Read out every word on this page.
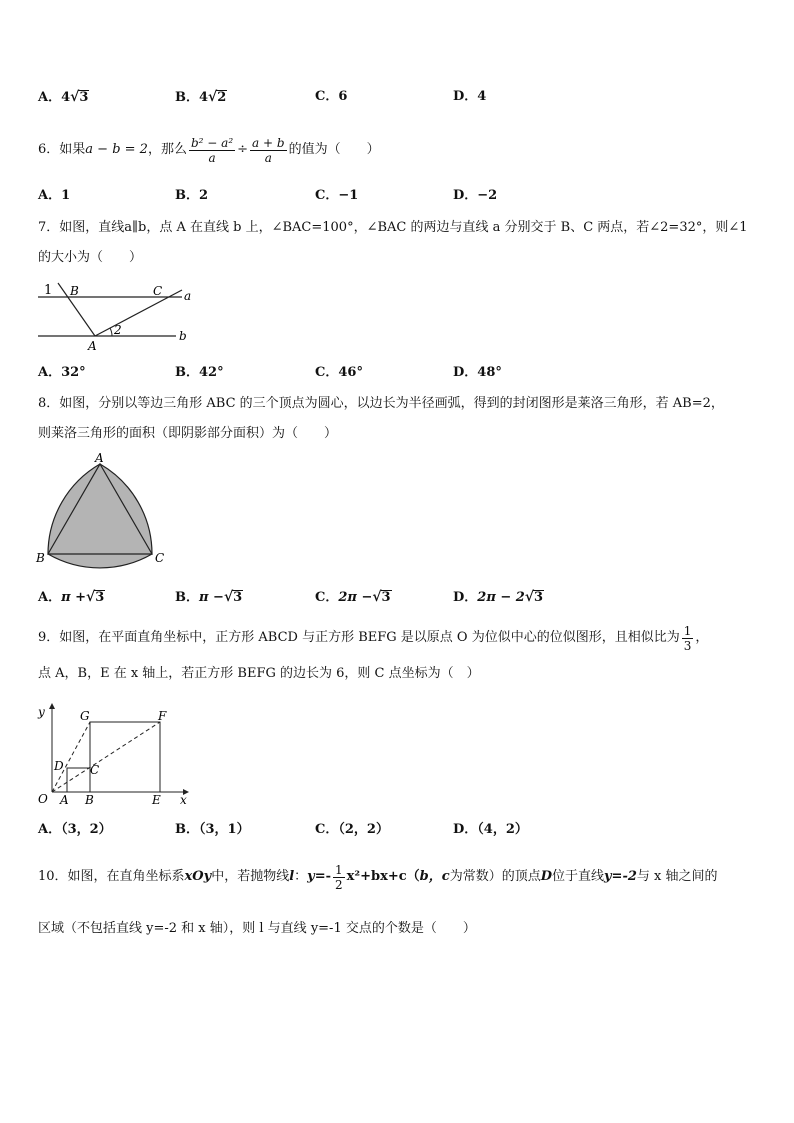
A．4√3	B．4√2	C．6	D．4
6． 如果 a − b = 2 ，那么 $\frac{\text{b² − a²}}{a} \div \frac{a + b}{a}$ 的值为（　　）
A．1	B．2	C．−1	D．−2
7．如图，直线a∥b，点 A 在直线 b 上，∠BAC=100°，∠BAC 的两边与直线 a 分别交于 B、C 两点，若∠2=32°，则∠1
的大小为（　　）
1 B	C a
2
A
b
A．32°	B．42°	C．46°	D．48°
8．如图，分别以等边三角形 ABC 的三个顶点为圆心，以边长为半径画弧，得到的封闭图形是莱洛三角形，若 AB=2，
则莱洛三角形的面积（即阴影部分面积）为（　　）
A
B	C
A．π +√3	B．π −√3	C．2π −√3	D．2π − 2√3
9．如图，在平面直角坐标中，正方形 ABCD 与正方形 BEFG 是以原点 O 为位似中心的位似图形，且相似比为 $\frac{1}{3}$ ，
点 A，B，E 在 x 轴上，若正方形 BEFG 的边长为 6，则 C 点坐标为（　）
y	G	F
D C
O A B	E x
A．（3，2）	B．（3，1）	C．（2，2）	D．（4，2）
10．如图，在直角坐标系 xOy 中，若抛物线 l ： $y =- \frac{1}{2} x^2+bx+c$（ b，c 为常数）的顶点 D 位于直线 y=-2 与 x 轴之间的
区域（不包括直线 y=-2 和 x 轴），则 l 与直线 y=-1 交点的个数是（　　）
